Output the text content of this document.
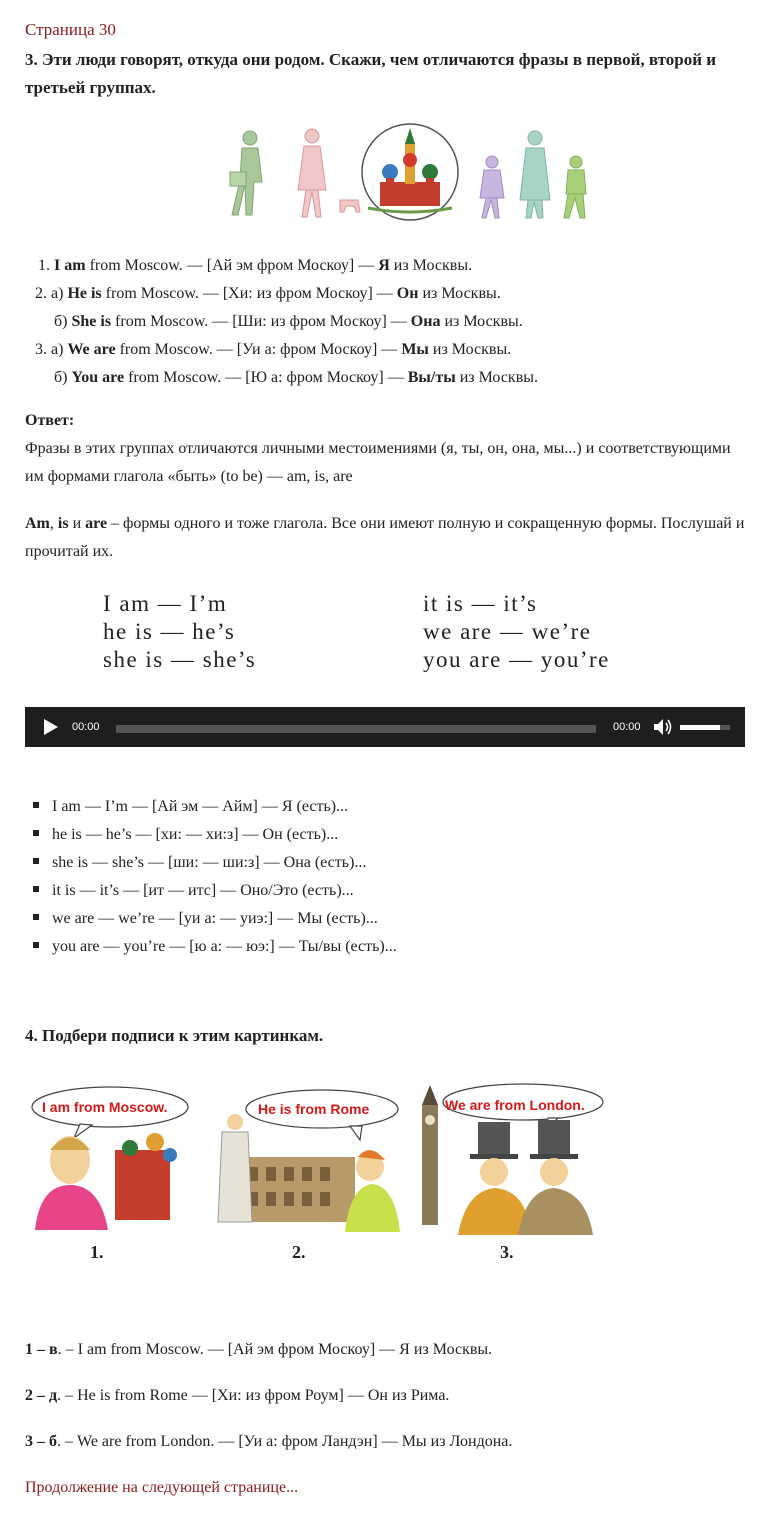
Страница 30
3. Эти люди говорят, откуда они родом. Скажи, чем отличаются фразы в первой, второй и третьей группах.
1. I am from Moscow. — [Ай эм фром Москоу] — Я из Москвы.
2. а) He is from Moscow. — [Хи: из фром Москоу] — Он из Москвы.
б) She is from Moscow. — [Ши: из фром Москоу] — Она из Москвы.
3. а) We are from Moscow. — [Уи а: фром Москоу] — Мы из Москвы.
б) You are from Moscow. — [Ю а: фром Москоу] — Вы/ты из Москвы.
Ответ:
Фразы в этих группах отличаются личными местоимениями (я, ты, он, она, мы...) и соответствующими им формами глагола «быть» (to be) — am, is, are
Am, is и are – формы одного и тоже глагола. Все они имеют полную и сокращенную формы. Послушай и прочитай их.
I am — I’m
he is — he’s
she is — she’s
it is — it’s
we are — we’re
you are — you’re
00:00	00:00
I am — I’m — [Ай эм — Айм] — Я (есть)...
he is — he’s — [хи: — хи:з] — Он (есть)...
she is — she’s — [ши: — ши:з] — Она (есть)...
it is — it’s — [ит — итс] — Оно/Это (есть)...
we are — we’re — [уи а: — уиэ:] — Мы (есть)...
you are — you’re — [ю а: — юэ:] — Ты/вы (есть)...
4. Подбери подписи к этим картинкам.
I am from Moscow.
1.
He is from Rome
2.
We are from London.
3.
1 – в. – I am from Moscow. — [Ай эм фром Москоу] — Я из Москвы.
2 – д. – He is from Rome — [Хи: из фром Роум] — Он из Рима.
3 – б. – We are from London. — [Уи а: фром Ландэн] — Мы из Лондона.
Продолжение на следующей странице...
